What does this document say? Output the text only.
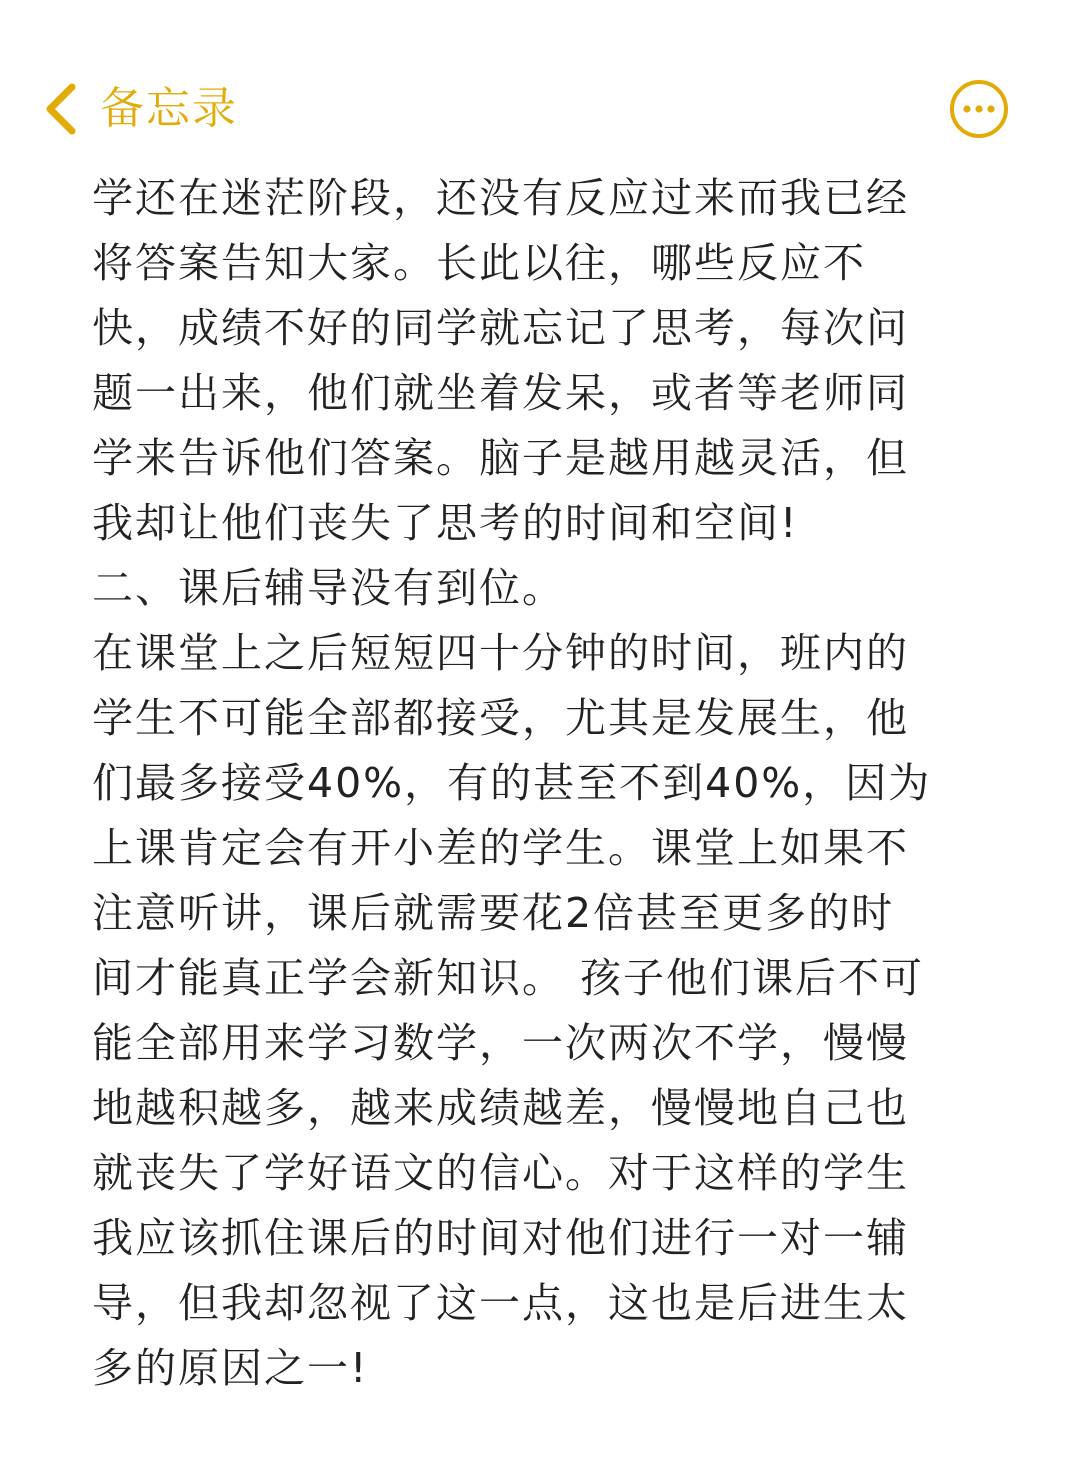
备忘录
学还在迷茫阶段，还没有反应过来而我已经
将答案告知大家。长此以往，哪些反应不
快，成绩不好的同学就忘记了思考，每次问
题一出来，他们就坐着发呆，或者等老师同
学来告诉他们答案。脑子是越用越灵活，但
我却让他们丧失了思考的时间和空间!
二、课后辅导没有到位。
在课堂上之后短短四十分钟的时间，班内的
学生不可能全部都接受，尤其是发展生，他
们最多接受40%，有的甚至不到40%，因为
上课肯定会有开小差的学生。课堂上如果不
注意听讲，课后就需要花2倍甚至更多的时
间才能真正学会新知识。 孩子他们课后不可
能全部用来学习数学，一次两次不学，慢慢
地越积越多，越来成绩越差，慢慢地自己也
就丧失了学好语文的信心。对于这样的学生
我应该抓住课后的时间对他们进行一对一辅
导，但我却忽视了这一点，这也是后进生太
多的原因之一!
